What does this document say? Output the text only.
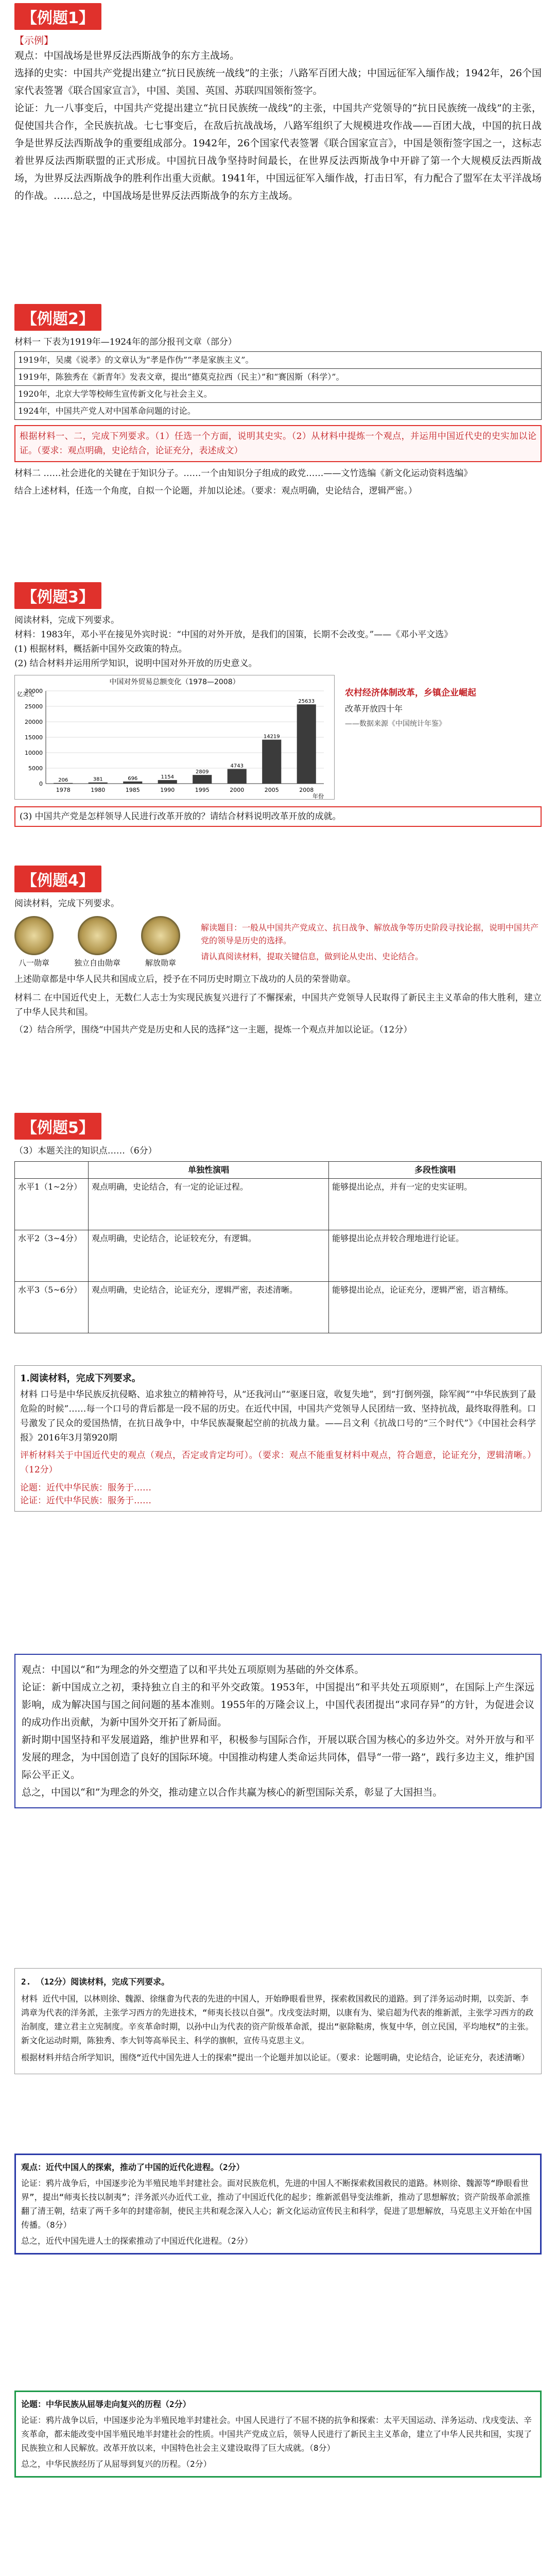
【例题1】
【示例】

观点：中国战场是世界反法西斯战争的东方主战场。

选择的史实：中国共产党提出建立“抗日民族统一战线”的主张；八路军百团大战；中国远征军入缅作战；1942年，26个国家代表签署《联合国家宣言》，中国、美国、英国、苏联四国领衔签字。

论证：九一八事变后，中国共产党提出建立“抗日民族统一战线”的主张，中国共产党领导的“抗日民族统一战线”的主张，促使国共合作，全民族抗战。七七事变后，在敌后抗战战场，八路军组织了大规模进攻作战——百团大战，中国的抗日战争是世界反法西斯战争的重要组成部分。1942年，26个国家代表签署《联合国家宣言》，中国是领衔签字国之一，这标志着世界反法西斯联盟的正式形成。中国抗日战争坚持时间最长，在世界反法西斯战争中开辟了第一个大规模反法西斯战场，为世界反法西斯战争的胜利作出重大贡献。1941年，中国远征军入缅作战，打击日军，有力配合了盟军在太平洋战场的作战。……总之，中国战场是世界反法西斯战争的东方主战场。

【例题2】

材料一 下表为1919年—1924年的部分报刊文章（部分）

1919年，吴虞《说孝》的文章认为“孝是作伪”“孝是家族主义”。
1919年，陈独秀在《新青年》发表文章，提出“德莫克拉西（民主）”和“赛因斯（科学）”。
1920年，北京大学等校师生宣传新文化与社会主义。
1924年，中国共产党人对中国革命问题的讨论。

根据材料一、二，完成下列要求。（1）任选一个方面，说明其史实。（2）从材料中提炼一个观点，并运用中国近代史的史实加以论证。（要求：观点明确，史论结合，论证充分，表述成文）

材料二 ……社会进化的关键在于知识分子。……一个由知识分子组成的政党……——文竹选编《新文化运动资料选编》

结合上述材料，任选一个角度，自拟一个论题，并加以论述。（要求：观点明确，史论结合，逻辑严密。）

【例题3】

阅读材料，完成下列要求。

材料：1983年，邓小平在接见外宾时说：“中国的对外开放，是我们的国策，长期不会改变。”——《邓小平文选》

(1) 根据材料，概括新中国外交政策的特点。

(2) 结合材料并运用所学知识，说明中国对外开放的历史意义。

中国对外贸易总额变化（1978—2008）
0
5000
10000
15000
20000
25000
30000
亿美元
206
1978
381
1980
696
1985
1154
1990
2809
1995
4743
2000
14219
2005
25633
2008
年份
农村经济体制改革，乡镇企业崛起
改革开放四十年
——数据来源《中国统计年鉴》

(3) 中国共产党是怎样领导人民进行改革开放的？请结合材料说明改革开放的成就。

【例题4】

阅读材料，完成下列要求。

八一勋章	独立自由勋章	解放勋章
解读题目：一般从中国共产党成立、抗日战争、解放战争等历史阶段寻找论据，说明中国共产党的领导是历史的选择。
请认真阅读材料，提取关键信息，做到论从史出、史论结合。

上述勋章都是中华人民共和国成立后，授予在不同历史时期立下战功的人员的荣誉勋章。

材料二 在中国近代史上，无数仁人志士为实现民族复兴进行了不懈探索，中国共产党领导人民取得了新民主主义革命的伟大胜利，建立了中华人民共和国。

（2）结合所学，围绕“中国共产党是历史和人民的选择”这一主题，提炼一个观点并加以论证。（12分）

【例题5】

（3）本题关注的知识点……（6分）

	单独性演唱	多段性演唱
水平1（1~2分）	观点明确，史论结合，有一定的论证过程。	能够提出论点，并有一定的史实证明。
水平2（3~4分）	观点明确，史论结合，论证较充分，有逻辑。	能够提出论点并较合理地进行论证。
水平3（5~6分）	观点明确，史论结合，论证充分，逻辑严密，表述清晰。	能够提出论点，论证充分，逻辑严密，语言精练。
1.阅读材料，完成下列要求。

材料 口号是中华民族反抗侵略、追求独立的精神符号，从“还我河山”“驱逐日寇，收复失地”，到“打倒列强，除军阀”“中华民族到了最危险的时候”……每一个口号的背后都是一段不屈的历史。在近代中国，中国共产党领导人民团结一致、坚持抗战，最终取得胜利。口号激发了民众的爱国热情，在抗日战争中，中华民族凝聚起空前的抗战力量。——吕文利《抗战口号的“三个时代”》《中国社会科学报》2016年3月第920期

评析材料关于中国近代史的观点（观点，否定或肯定均可）。（要求：观点不能重复材料中观点，符合题意，论证充分，逻辑清晰。）（12分）

论题：近代中华民族：服务于……
论证：近代中华民族：服务于……

观点：中国以“和”为理念的外交塑造了以和平共处五项原则为基础的外交体系。

论证：新中国成立之初，秉持独立自主的和平外交政策。1953年，中国提出“和平共处五项原则”，在国际上产生深远影响，成为解决国与国之间问题的基本准则。1955年的万隆会议上，中国代表团提出“求同存异”的方针，为促进会议的成功作出贡献，为新中国外交开拓了新局面。

新时期中国坚持和平发展道路，维护世界和平，积极参与国际合作，开展以联合国为核心的多边外交。对外开放与和平发展的理念，为中国创造了良好的国际环境。中国推动构建人类命运共同体，倡导“一带一路”，践行多边主义，维护国际公平正义。

总之，中国以“和”为理念的外交，推动建立以合作共赢为核心的新型国际关系，彰显了大国担当。

2. （12分）阅读材料，完成下列要求。

材料 近代中国，以林则徐、魏源、徐继畬为代表的先进的中国人，开始睁眼看世界，探索救国救民的道路。到了洋务运动时期，以奕訢、李鸿章为代表的洋务派，主张学习西方的先进技术，“师夷长技以自强”。戊戌变法时期，以康有为、梁启超为代表的维新派，主张学习西方的政治制度，建立君主立宪制度。辛亥革命时期，以孙中山为代表的资产阶级革命派，提出“驱除鞑虏，恢复中华，创立民国，平均地权”的主张。新文化运动时期，陈独秀、李大钊等高举民主、科学的旗帜，宣传马克思主义。

根据材料并结合所学知识，围绕“近代中国先进人士的探索”提出一个论题并加以论证。（要求：论题明确，史论结合，论证充分，表述清晰）

观点：近代中国人的探索，推动了中国的近代化进程。（2分）

论证：鸦片战争后，中国逐步沦为半殖民地半封建社会。面对民族危机，先进的中国人不断探索救国救民的道路。林则徐、魏源等“睁眼看世界”，提出“师夷长技以制夷”；洋务派兴办近代工业，推动了中国近代化的起步；维新派倡导变法维新，推动了思想解放；资产阶级革命派推翻了清王朝，结束了两千多年的封建帝制，使民主共和观念深入人心；新文化运动宣传民主和科学，促进了思想解放，马克思主义开始在中国传播。（8分）

总之，近代中国先进人士的探索推动了中国近代化进程。（2分）
论题：中华民族从屈辱走向复兴的历程（2分）

论证：鸦片战争以后，中国逐步沦为半殖民地半封建社会。中国人民进行了不屈不挠的抗争和探索：太平天国运动、洋务运动、戊戌变法、辛亥革命，都未能改变中国半殖民地半封建社会的性质。中国共产党成立后，领导人民进行了新民主主义革命，建立了中华人民共和国，实现了民族独立和人民解放。改革开放以来，中国特色社会主义建设取得了巨大成就。（8分）

总之，中华民族经历了从屈辱到复兴的历程。（2分）
